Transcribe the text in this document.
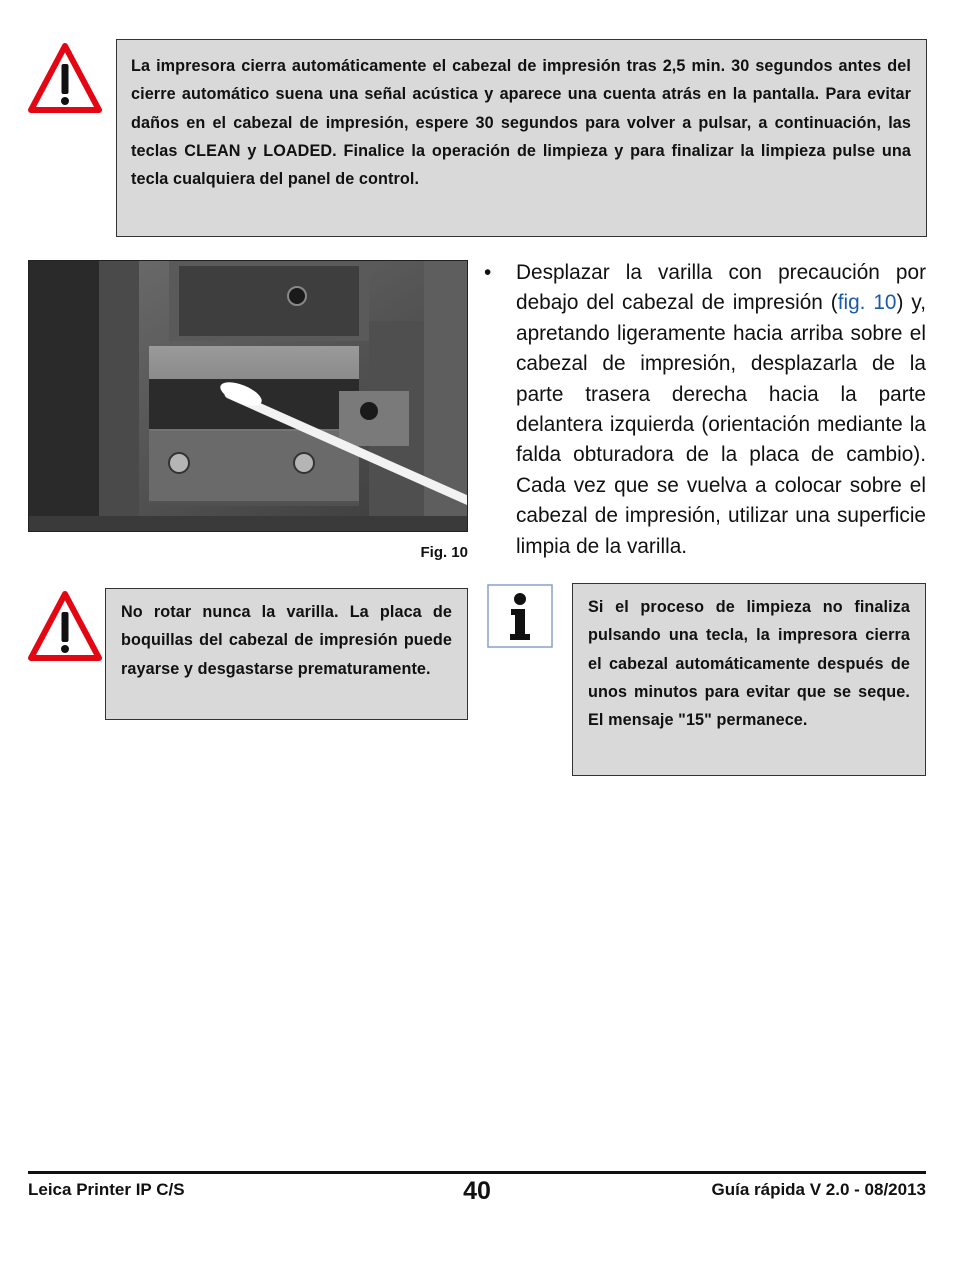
La impresora cierra automáticamente el cabezal de impresión tras 2,5 min. 30 segundos antes del cierre automático suena una señal acústica y aparece una cuenta atrás en la pantalla. Para evitar daños en el cabezal de impresión, espere 30 segundos para volver a pulsar, a continuación, las teclas CLEAN y LOADED. Finalice la operación de limpieza y para finalizar la limpieza pulse una tecla cualquiera del panel de control.

Fig. 10
• Desplazar la varilla con precaución por debajo del cabezal de impresión (fig. 10) y, apretando ligeramente hacia arriba sobre el cabezal de impresión, desplazarla de la parte trasera derecha hacia la parte delantera izquierda (orientación mediante la falda obturadora de la placa de cambio). Cada vez que se vuelva a colocar sobre el cabezal de impresión, utilizar una superficie limpia de la varilla.

No rotar nunca la varilla. La placa de boquillas del cabezal de impresión puede rayarse y desgastarse prematuramente.

Si el proceso de limpieza no finaliza pulsando una tecla, la impresora cierra el cabezal automáticamente después de unos minutos para evitar que se seque. El mensaje "15" permanece.

Leica Printer IP C/S	40	Guía rápida V 2.0 - 08/2013
